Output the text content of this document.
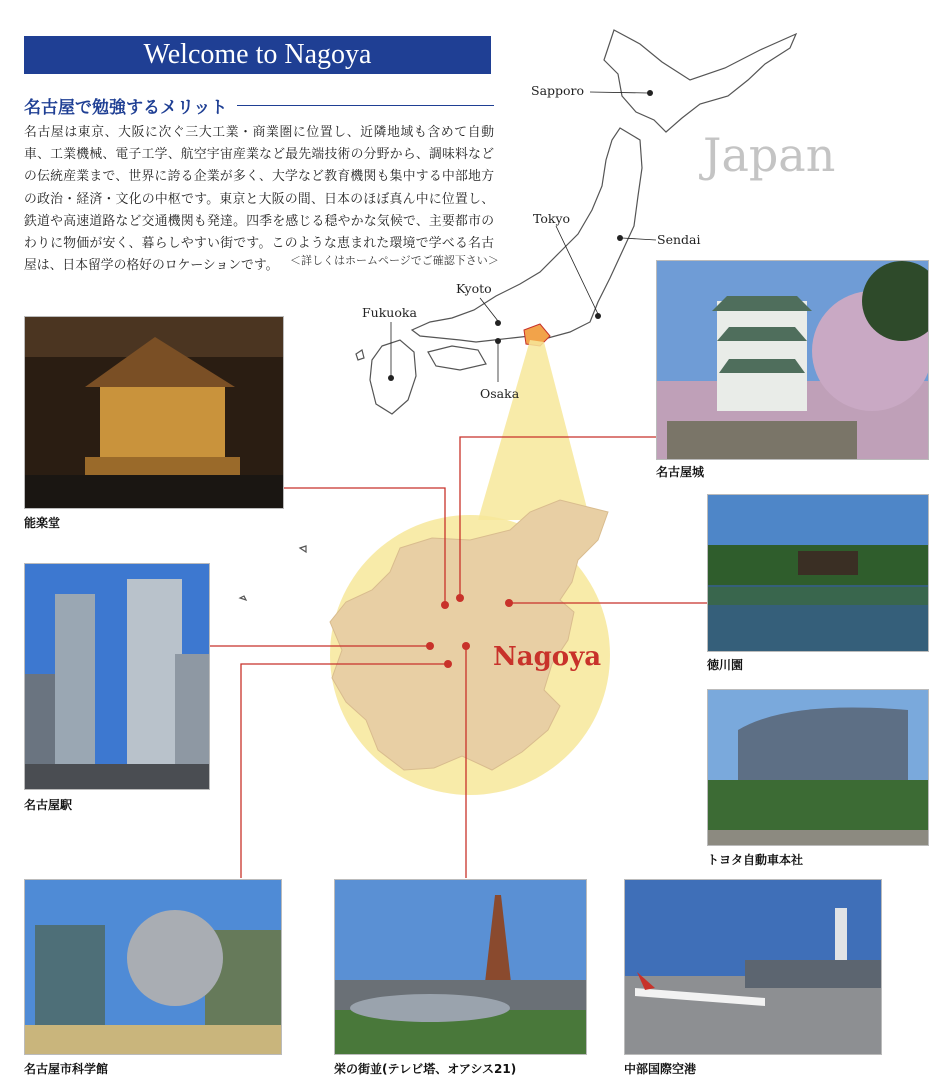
Welcome to Nagoya
名古屋で勉強するメリット

名古屋は東京、大阪に次ぐ三大工業・商業圏に位置し、近隣地域も含めて自動車、工業機械、電子工学、航空宇宙産業など最先端技術の分野から、調味料などの伝統産業まで、世界に誇る企業が多く、大学など教育機関も集中する中部地方の政治・経済・文化の中枢です。東京と大阪の間、日本のほぼ真ん中に位置し、鉄道や高速道路など交通機関も発達。四季を感じる穏やかな気候で、主要都市のわりに物価が安く、暮らしやすい街です。このような恵まれた環境で学べる名古屋は、日本留学の格好のロケーションです。	＜詳しくはホームページでご確認下さい＞
Japan
Sapporo
Sendai
Tokyo
Kyoto
Osaka
Fukuoka
Nagoya
名古屋城
能楽堂
徳川園
名古屋駅
トヨタ自動車本社
名古屋市科学館	栄の街並(テレビ塔、オアシス21)	中部国際空港
